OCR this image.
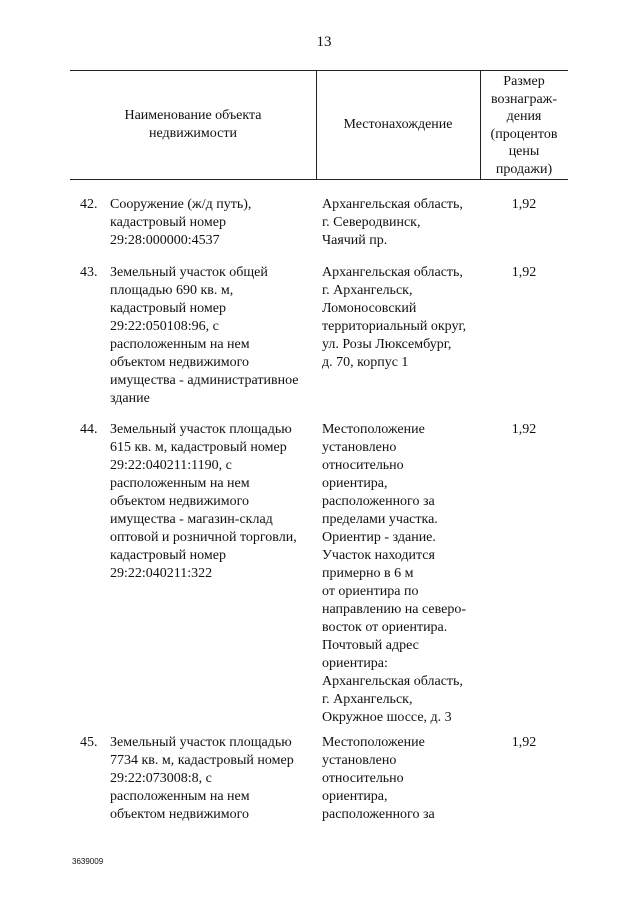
13
Наименование объекта
недвижимости
Местонахождение
Размер
вознаграж-
дения
(процентов
цены
продажи)
42. Сооружение (ж/д путь),
кадастровый номер
29:28:000000:4537
Архангельская область,
г. Северодвинск,
Чаячий пр.
1,92
43. Земельный участок общей
площадью 690 кв. м,
кадастровый номер
29:22:050108:96, с
расположенным на нем
объектом недвижимого
имущества - административное
здание
Архангельская область,
г. Архангельск,
Ломоносовский
территориальный округ,
ул. Розы Люксембург,
д. 70, корпус 1
1,92
44. Земельный участок площадью
615 кв. м, кадастровый номер
29:22:040211:1190, с
расположенным на нем
объектом недвижимого
имущества - магазин-склад
оптовой и розничной торговли,
кадастровый номер
29:22:040211:322
Местоположение
установлено
относительно
ориентира,
расположенного за
пределами участка.
Ориентир - здание.
Участок находится
примерно в 6 м
от ориентира по
направлению на северо-
восток от ориентира.
Почтовый адрес
ориентира:
Архангельская область,
г. Архангельск,
Окружное шоссе, д. 3
1,92
45. Земельный участок площадью
7734 кв. м, кадастровый номер
29:22:073008:8, с
расположенным на нем
объектом недвижимого
Местоположение
установлено
относительно
ориентира,
расположенного за
1,92
3639009
